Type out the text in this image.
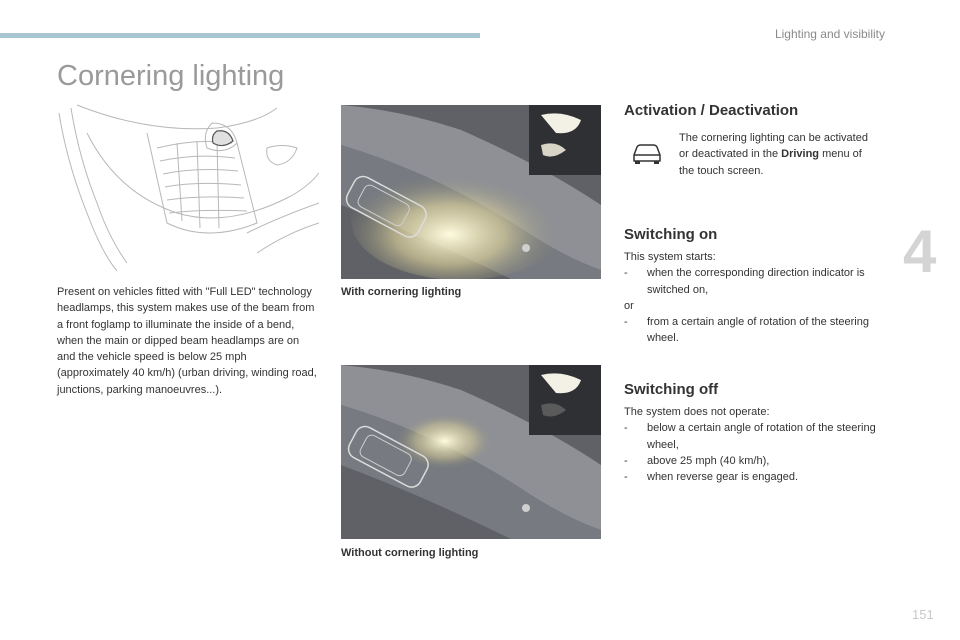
Lighting and visibility
4
Cornering lighting

Present on vehicles fitted with "Full LED" technology headlamps, this system makes use of the beam from a front foglamp to illuminate the inside of a bend, when the main or dipped beam headlamps are on and the vehicle speed is below 25 mph (approximately 40 km/h) (urban driving, winding road, junctions, parking manoeuvres...).

With cornering lighting
Without cornering lighting
Activation / Deactivation

The cornering lighting can be activated or deactivated in the Driving menu of the touch screen.

Switching on
This system starts:
- when the corresponding direction indicator is switched on,
or
- from a certain angle of rotation of the steering wheel.
Switching off
The system does not operate:
- below a certain angle of rotation of the steering wheel,
- above 25 mph (40 km/h),
- when reverse gear is engaged.
151
